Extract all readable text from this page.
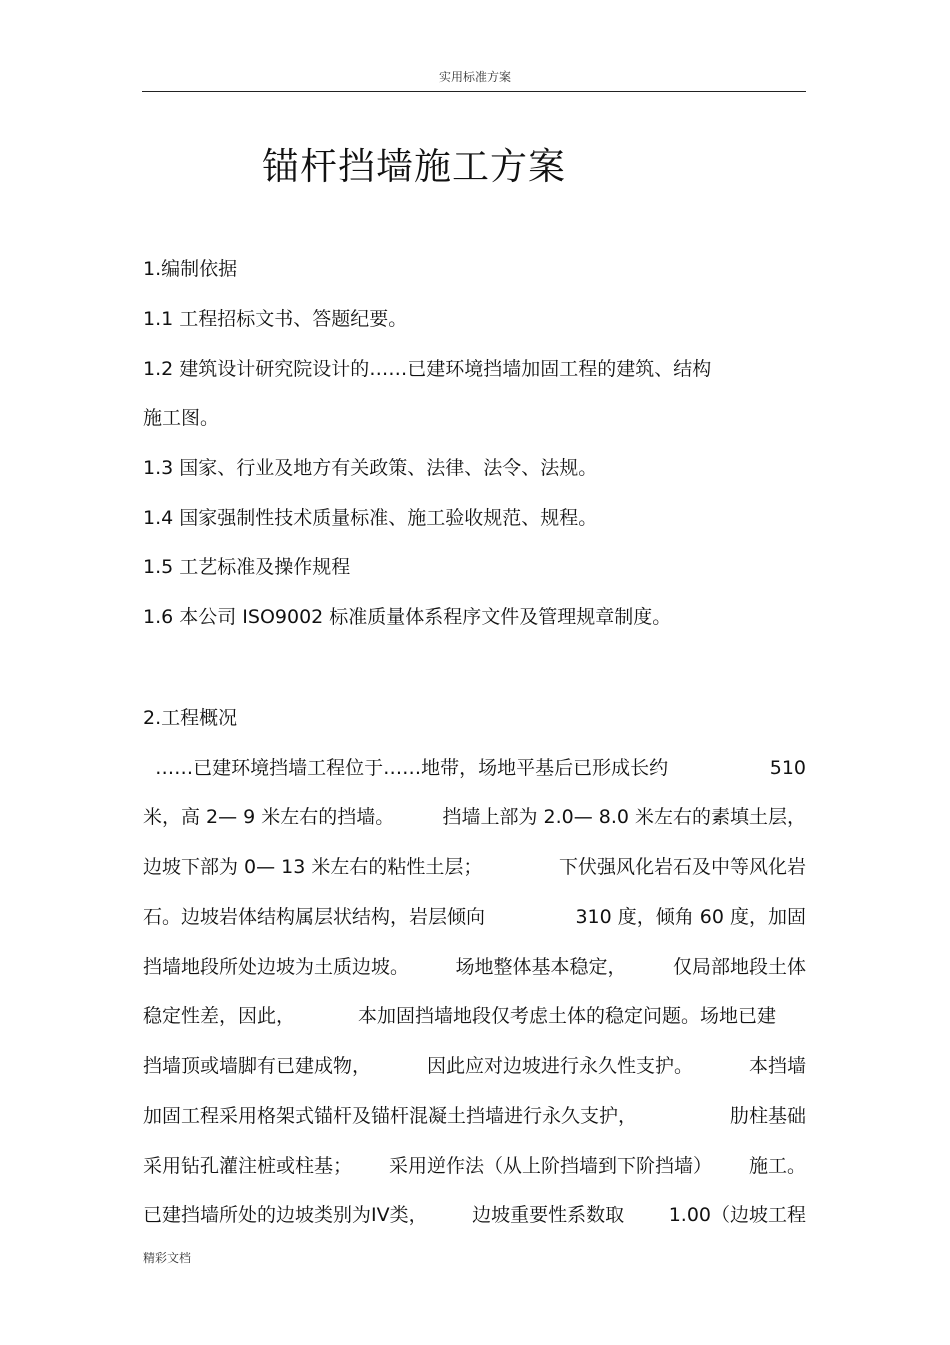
实用标准方案
锚杆挡墙施工方案
1.编制依据
1.1 工程招标文书、答题纪要。
1.2 建筑设计研究院设计的……已建环境挡墙加固工程的建筑、结构
施工图。
1.3 国家、行业及地方有关政策、法律、法令、法规。
1.4 国家强制性技术质量标准、施工验收规范、规程。
1.5 工艺标准及操作规程
1.6 本公司 ISO9002 标准质量体系程序文件及管理规章制度。
2.工程概况
……已建环境挡墙工程位于……地带，场地平基后已形成长约	510
米，高 2— 9 米左右的挡墙。	挡墙上部为 2.0— 8.0 米左右的素填土层，
边坡下部为 0— 13 米左右的粘性土层；	下伏强风化岩石及中等风化岩
石。边坡岩体结构属层状结构，岩层倾向	310 度，倾角 60 度，加固
挡墙地段所处边坡为土质边坡。 场地整体基本稳定， 仅局部地段土体
稳定性差，因此，	本加固挡墙地段仅考虑土体的稳定问题。场地已建
挡墙顶或墙脚有已建成物，	因此应对边坡进行永久性支护。	本挡墙
加固工程采用格架式锚杆及锚杆混凝土挡墙进行永久支护，	肋柱基础
采用钻孔灌注桩或柱基； 采用逆作法（从上阶挡墙到下阶挡墙） 施工。
已建挡墙所处的边坡类别为IV类， 边坡重要性系数取 1.00（边坡工程
精彩文档
